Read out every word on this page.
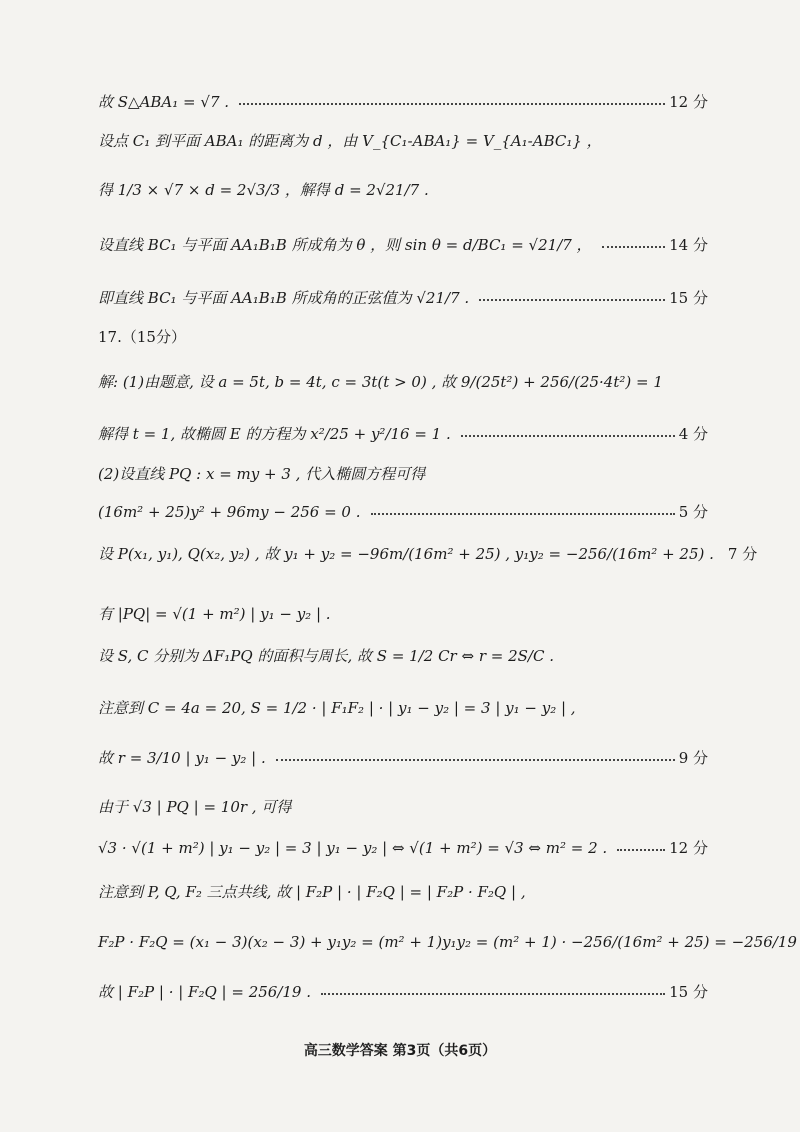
故 S△ABA₁ = √7 .	12 分
设点 C₁ 到平面 ABA₁ 的距离为 d ，由 V_{C₁-ABA₁} = V_{A₁-ABC₁} ，
得 1/3 × √7 × d = 2√3/3 ，解得 d = 2√21/7 .
设直线 BC₁ 与平面 AA₁B₁B 所成角为 θ ，则 sin θ = d/BC₁ = √21/7 ，	14 分
即直线 BC₁ 与平面 AA₁B₁B 所成角的正弦值为 √21/7 .	15 分
17.（15分）
解: (1)由题意, 设 a = 5t, b = 4t, c = 3t(t > 0) , 故 9/(25t²) + 256/(25·4t²) = 1
解得 t = 1, 故椭圆 E 的方程为 x²/25 + y²/16 = 1 .	4 分
(2)设直线 PQ : x = my + 3 , 代入椭圆方程可得
(16m² + 25)y² + 96my − 256 = 0 .	5 分
设 P(x₁, y₁), Q(x₂, y₂) , 故 y₁ + y₂ = −96m/(16m² + 25) , y₁y₂ = −256/(16m² + 25) . 7 分
有 |PQ| = √(1 + m²) | y₁ − y₂ | .
设 S, C 分别为 ΔF₁PQ 的面积与周长, 故 S = 1/2 Cr ⇔ r = 2S/C .
注意到 C = 4a = 20, S = 1/2 · | F₁F₂ | · | y₁ − y₂ | = 3 | y₁ − y₂ | ,
故 r = 3/10 | y₁ − y₂ | .	9 分
由于 √3 | PQ | = 10r , 可得
√3 · √(1 + m²) | y₁ − y₂ | = 3 | y₁ − y₂ | ⇔ √(1 + m²) = √3 ⇔ m² = 2 .	12 分
注意到 P, Q, F₂ 三点共线, 故 | F₂P | · | F₂Q | = | F₂P · F₂Q | ,
F₂P · F₂Q = (x₁ − 3)(x₂ − 3) + y₁y₂ = (m² + 1)y₁y₂ = (m² + 1) · −256/(16m² + 25) = −256/19
故 | F₂P | · | F₂Q | = 256/19 .	15 分
高三数学答案 第3页（共6页）
